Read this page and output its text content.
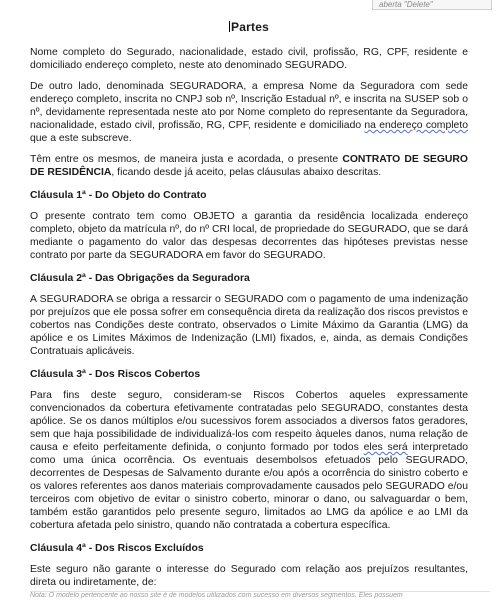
aberta "Delete"
Partes

Nome completo do Segurado, nacionalidade, estado civil, profissão, RG, CPF, residente e domiciliado endereço completo, neste ato denominado SEGURADO.

De outro lado, denominada SEGURADORA, a empresa Nome da Seguradora com sede endereço completo, inscrita no CNPJ sob nº, Inscrição Estadual nº, e inscrita na SUSEP sob o nº, devidamente representada neste ato por Nome completo do representante da Seguradora, nacionalidade, estado civil, profissão, RG, CPF, residente e domiciliado na endereço completo que a este subscreve.

Têm entre os mesmos, de maneira justa e acordada, o presente CONTRATO DE SEGURO DE RESIDÊNCIA, ficando desde já aceito, pelas cláusulas abaixo descritas.

Cláusula 1ª - Do Objeto do Contrato

O presente contrato tem como OBJETO a garantia da residência localizada endereço completo, objeto da matrícula nº, do nº CRI local, de propriedade do SEGURADO, que se dará mediante o pagamento do valor das despesas decorrentes das hipóteses previstas nesse contrato por parte da SEGURADORA em favor do SEGURADO.

Cláusula 2ª - Das Obrigações da Seguradora

A SEGURADORA se obriga a ressarcir o SEGURADO com o pagamento de uma indenização por prejuízos que ele possa sofrer em consequência direta da realização dos riscos previstos e cobertos nas Condições deste contrato, observados o Limite Máximo da Garantia (LMG) da apólice e os Limites Máximos de Indenização (LMI) fixados, e, ainda, as demais Condições Contratuais aplicáveis.

Cláusula 3ª - Dos Riscos Cobertos

Para fins deste seguro, consideram-se Riscos Cobertos aqueles expressamente convencionados da cobertura efetivamente contratadas pelo SEGURADO, constantes desta apólice. Se os danos múltiplos e/ou sucessivos forem associados a diversos fatos geradores, sem que haja possibilidade de individualizá-los com respeito àqueles danos, numa relação de causa e efeito perfeitamente definida, o conjunto formado por todos eles será interpretado como uma única ocorrência. Os eventuais desembolsos efetuados pelo SEGURADO, decorrentes de Despesas de Salvamento durante e/ou após a ocorrência do sinistro coberto e os valores referentes aos danos materiais comprovadamente causados pelo SEGURADO e/ou terceiros com objetivo de evitar o sinistro coberto, minorar o dano, ou salvaguardar o bem, também estão garantidos pelo presente seguro, limitados ao LMG da apólice e ao LMI da cobertura afetada pelo sinistro, quando não contratada a cobertura específica.

Cláusula 4ª - Dos Riscos Excluídos

Este seguro não garante o interesse do Segurado com relação aos prejuízos resultantes, direta ou indiretamente, de:

Nota: O modelo pertencente ao nosso site é de modelos utilizados com sucesso em diversos segmentos. Eles possuem
